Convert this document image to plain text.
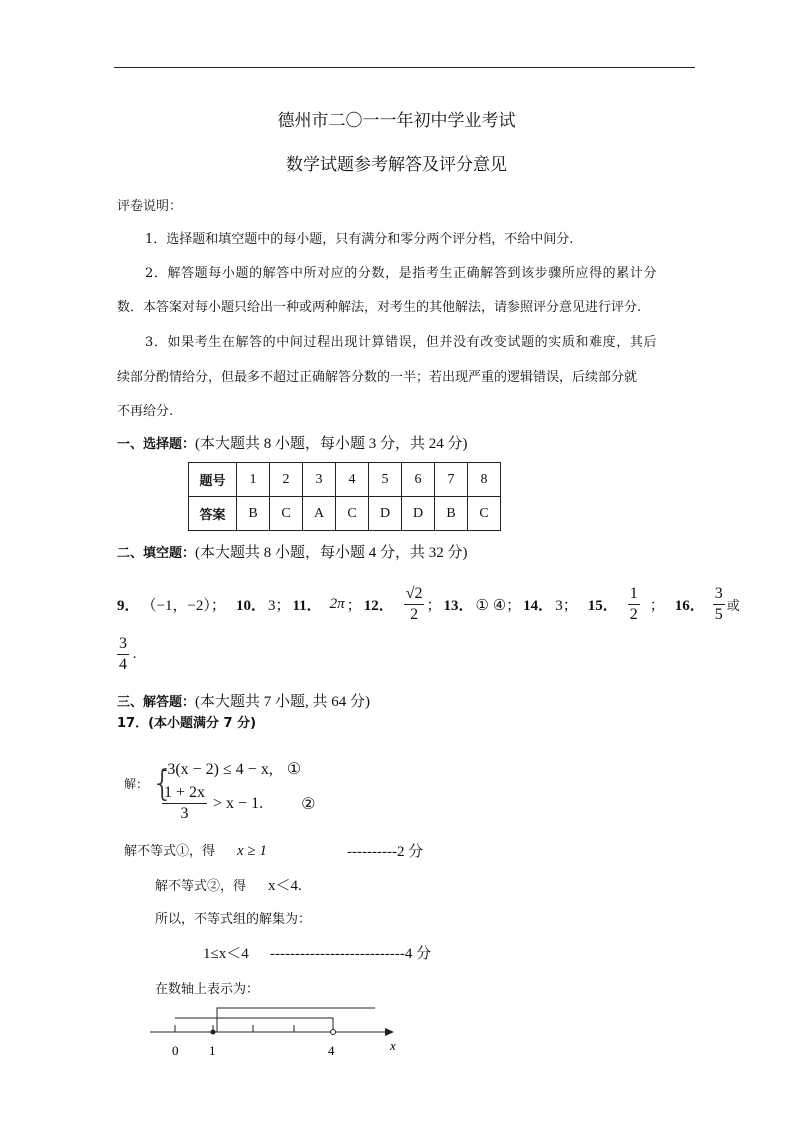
德州市二〇一一年初中学业考试
数学试题参考解答及评分意见
评卷说明：
1．选择题和填空题中的每小题，只有满分和零分两个评分档，不给中间分.
2．解答题每小题的解答中所对应的分数，是指考生正确解答到该步骤所应得的累计分
数．本答案对每小题只给出一种或两种解法，对考生的其他解法，请参照评分意见进行评分.
3．如果考生在解答的中间过程出现计算错误，但并没有改变试题的实质和难度，其后
续部分酌情给分，但最多不超过正确解答分数的一半；若出现严重的逻辑错误，后续部分就
不再给分.
一、选择题：(本大题共 8 小题，每小题 3 分，共 24 分)
题号	1	2	3	4	5	6	7	8
答案	B	C	A	C	D	D	B	C
二、填空题：(本大题共 8 小题，每小题 4 分，共 32 分)
9． （−1，−2）； 10． 3； 11． 2π ； 12． $\frac{√2}{2}$ ； 13． ① ④； 14． 3； 15． $\frac{1}{2}$ ； 16． $\frac{3}{5}$ 或
$\frac{3}{4}$ .
三、解答题：(本大题共 7 小题, 共 64 分)
17．(本小题满分 7 分)
解： {
-3(x − 2) ≤ 4 − x, ①
$\frac{1 + 2x}{3} > x - 1$. ②
解不等式①，得 x ≥ 1	----------2 分
解不等式②，得 x＜4.
所以，不等式组的解集为：
1≤x＜4 ---------------------------4 分
在数轴上表示为：
0 1	4	x
